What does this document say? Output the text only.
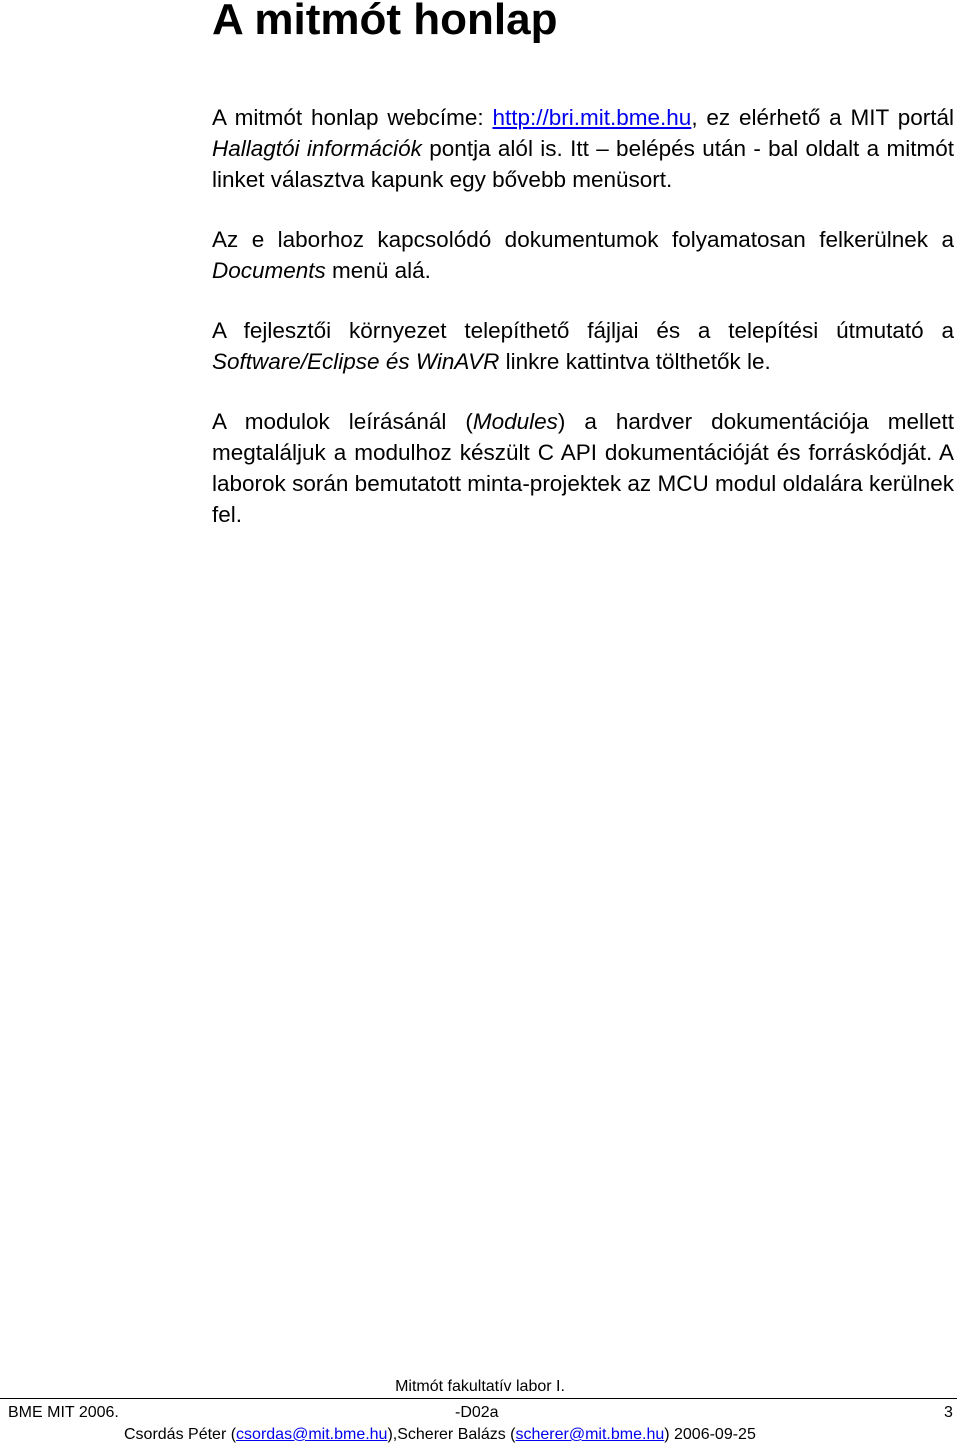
A mitmót honlap

A mitmót honlap webcíme: http://bri.mit.bme.hu, ez elérhető a MIT portál Hallagtói információk pontja alól is. Itt – belépés után - bal oldalt a mitmót linket választva kapunk egy bővebb menüsort.

Az e laborhoz kapcsolódó dokumentumok folyamatosan felkerülnek a Documents menü alá.

A fejlesztői környezet telepíthető fájljai és a telepítési útmutató a Software/Eclipse és WinAVR linkre kattintva tölthetők le.

A modulok leírásánál (Modules) a hardver dokumentációja mellett megtaláljuk a modulhoz készült C API dokumentációját és forráskódját. A laborok során bemutatott minta-projektek az MCU modul oldalára kerülnek fel.

Mitmót fakultatív labor I.
BME MIT 2006.	-D02a	3
Csordás Péter (csordas@mit.bme.hu),Scherer Balázs (scherer@mit.bme.hu) 2006-09-25
